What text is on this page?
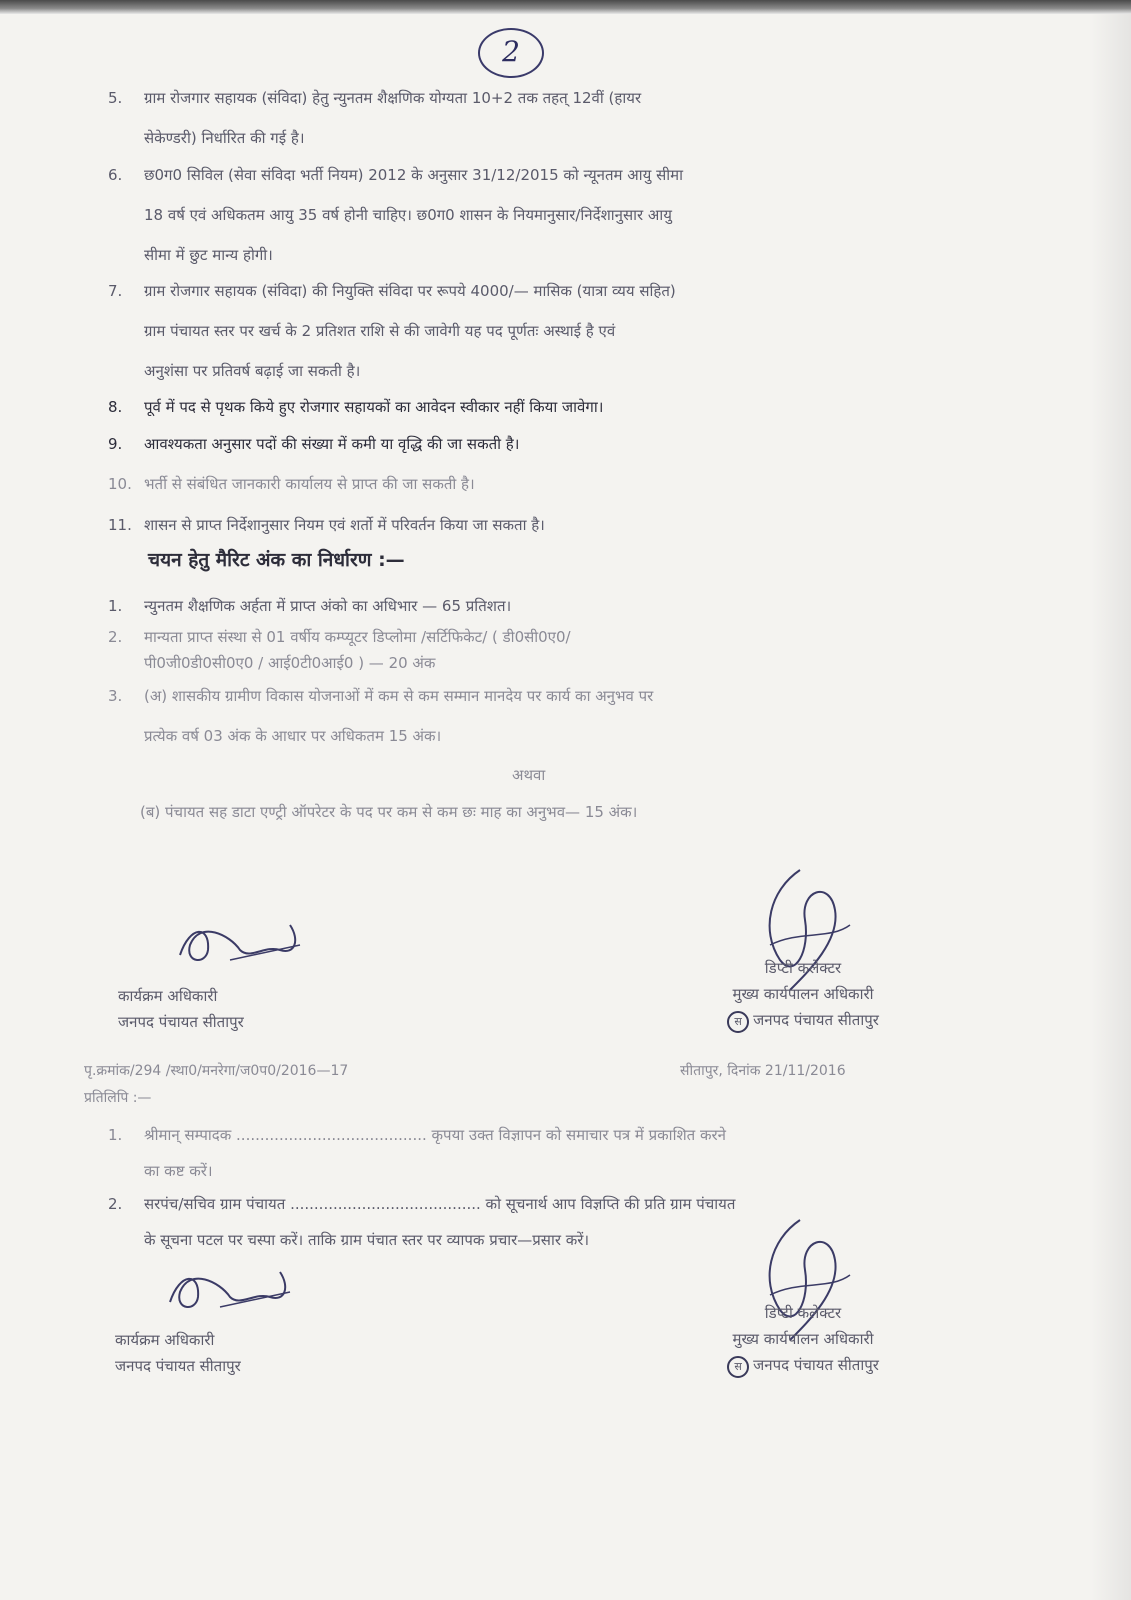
2
5. ग्राम रोजगार सहायक (संविदा) हेतु न्युनतम शैक्षणिक योग्यता 10+2 तक तहत् 12वीं (हायर
सेकेण्डरी) निर्धारित की गई है।
6. छ0ग0 सिविल (सेवा संविदा भर्ती नियम) 2012 के अनुसार 31/12/2015 को न्यूनतम आयु सीमा
18 वर्ष एवं अधिकतम आयु 35 वर्ष होनी चाहिए। छ0ग0 शासन के नियमानुसार/निर्देशानुसार आयु
सीमा में छुट मान्य होगी।
7. ग्राम रोजगार सहायक (संविदा) की नियुक्ति संविदा पर रूपये 4000/— मासिक (यात्रा व्यय सहित)
ग्राम पंचायत स्तर पर खर्च के 2 प्रतिशत राशि से की जावेगी यह पद पूर्णतः अस्थाई है एवं
अनुशंसा पर प्रतिवर्ष बढ़ाई जा सकती है।
8. पूर्व में पद से पृथक किये हुए रोजगार सहायकों का आवेदन स्वीकार नहीं किया जावेगा।
9. आवश्यकता अनुसार पदों की संख्या में कमी या वृद्धि की जा सकती है।
10. भर्ती से संबंधित जानकारी कार्यालय से प्राप्त की जा सकती है।
11. शासन से प्राप्त निर्देशानुसार नियम एवं शर्तो में परिवर्तन किया जा सकता है।
चयन हेतु मैरिट अंक का निर्धारण :—
1. न्युनतम शैक्षणिक अर्हता में प्राप्त अंको का अधिभार — 65 प्रतिशत।
2. मान्यता प्राप्त संस्था से 01 वर्षीय कम्प्यूटर डिप्लोमा /सर्टिफिकेट/ ( डी0सी0ए0/
पी0जी0डी0सी0ए0 / आई0टी0आई0 ) — 20 अंक
3. (अ) शासकीय ग्रामीण विकास योजनाओं में कम से कम सम्मान मानदेय पर कार्य का अनुभव पर
प्रत्येक वर्ष 03 अंक के आधार पर अधिकतम 15 अंक।
अथवा
(ब) पंचायत सह डाटा एण्ट्री ऑपरेटर के पद पर कम से कम छः माह का अनुभव— 15 अंक।
कार्यक्रम अधिकारी
जनपद पंचायत सीतापुर
डिप्टी कलेक्टर
मुख्य कार्यपालन अधिकारी
स जनपद पंचायत सीतापुर
पृ.क्रमांक/294 /स्था0/मनरेगा/ज0प0/2016—17	सीतापुर, दिनांक 21/11/2016
प्रतिलिपि :—
1. श्रीमान् सम्पादक ........................................ कृपया उक्त विज्ञापन को समाचार पत्र में प्रकाशित करने
का कष्ट करें।
2. सरपंच/सचिव ग्राम पंचायत ........................................ को सूचनार्थ आप विज्ञप्ति की प्रति ग्राम पंचायत
के सूचना पटल पर चस्पा करें। ताकि ग्राम पंचात स्तर पर व्यापक प्रचार—प्रसार करें।
कार्यक्रम अधिकारी
जनपद पंचायत सीतापुर
डिप्टी कलेक्टर
मुख्य कार्यपालन अधिकारी
स जनपद पंचायत सीतापुर
